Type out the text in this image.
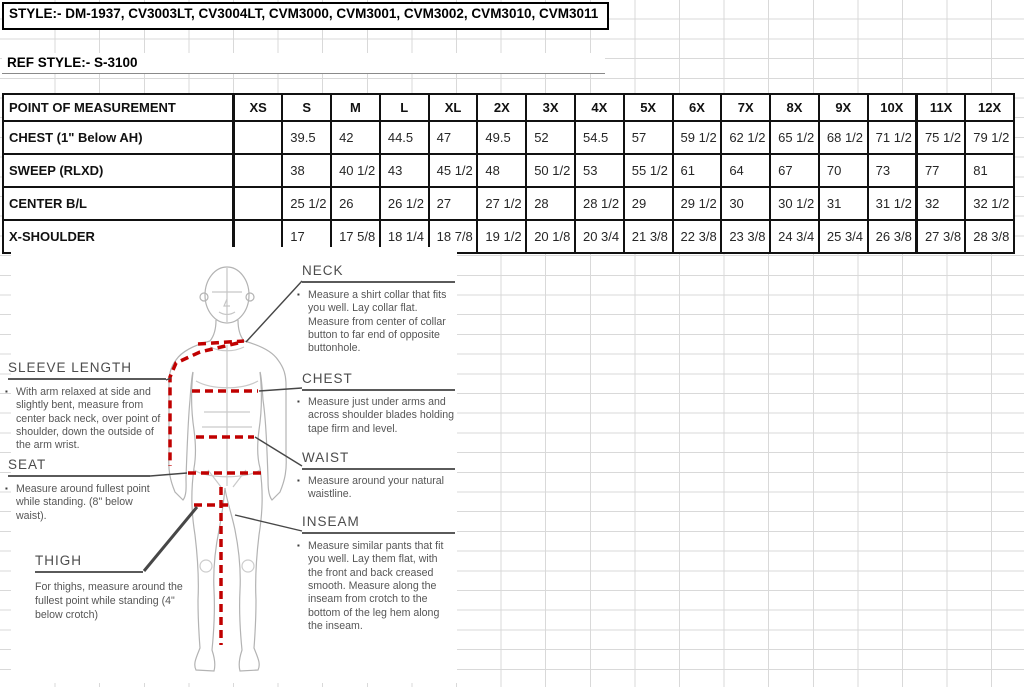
STYLE:- DM-1937, CV3003LT, CV3004LT, CVM3000, CVM3001, CVM3002, CVM3010, CVM3011
REF STYLE:- S-3100
POINT OF MEASUREMENT	XS	S	M	L	XL	2X	3X	4X	5X	6X	7X	8X	9X	10X	11X	12X
CHEST (1" Below AH)		39.5	42	44.5	47	49.5	52	54.5	57	59 1/2	62 1/2	65 1/2	68 1/2	71 1/2	75 1/2	79 1/2
SWEEP (RLXD)		38	40 1/2	43	45 1/2	48	50 1/2	53	55 1/2	61	64	67	70	73	77	81
CENTER B/L		25 1/2	26	26 1/2	27	27 1/2	28	28 1/2	29	29 1/2	30	30 1/2	31	31 1/2	32	32 1/2
X-SHOULDER		17	17 5/8	18 1/4	18 7/8	19 1/2	20 1/8	20 3/4	21 3/8	22 3/8	23 3/8	24 3/4	25 3/4	26 3/8	27 3/8	28 3/8
NECK
▪ Measure a shirt collar that fits you well. Lay collar flat. Measure from center of collar button to far end of opposite buttonhole.
CHEST
▪ Measure just under arms and across shoulder blades holding tape firm and level.
WAIST
▪ Measure around your natural waistline.
INSEAM
▪ Measure similar pants that fit you well. Lay them flat, with the front and back creased smooth. Measure along the inseam from crotch to the bottom of the leg hem along the inseam.
SLEEVE LENGTH
▪ With arm relaxed at side and slightly bent, measure from center back neck, over point of shoulder, down the outside of the arm wrist.
SEAT
▪ Measure around fullest point while standing. (8" below waist).
THIGH
For thighs, measure around the fullest point while standing (4" below crotch)
